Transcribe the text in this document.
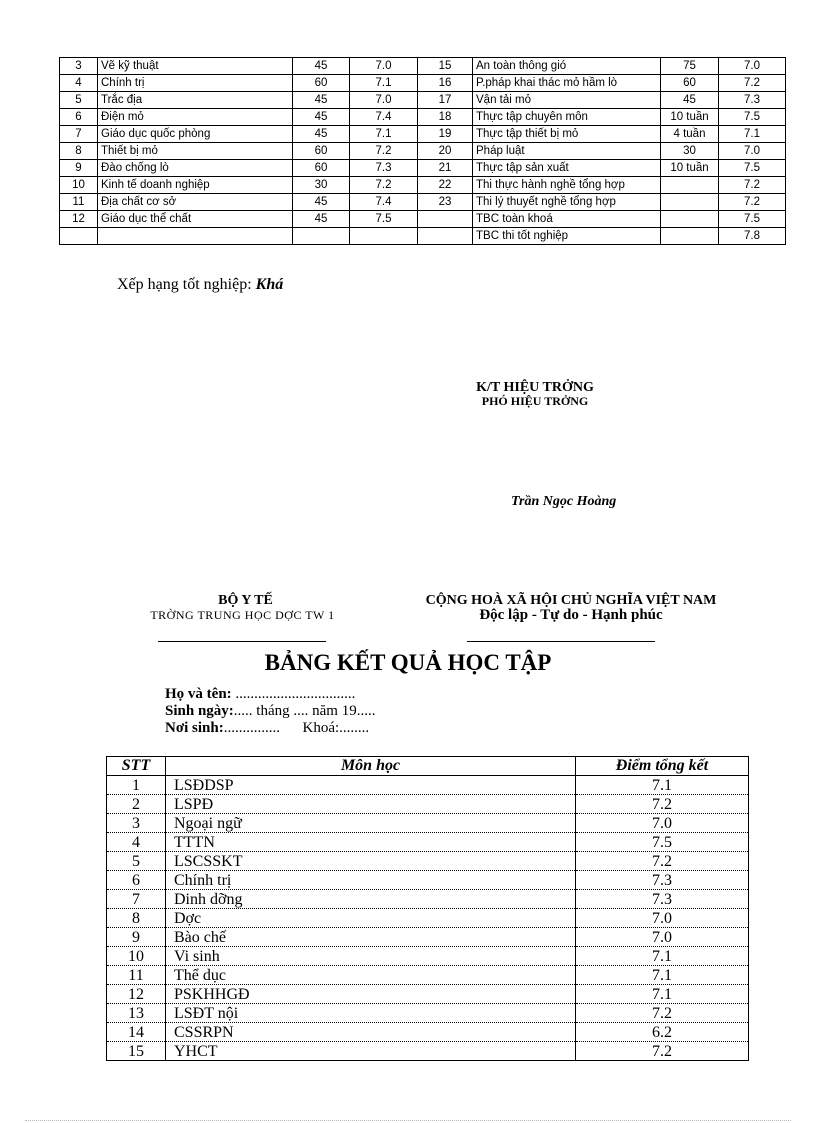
3	Vẽ kỹ thuật	45	7.0	15	An toàn thông gió	75	7.0
4	Chính trị	60	7.1	16	P.pháp khai thác mỏ hầm lò	60	7.2
5	Trắc địa	45	7.0	17	Vận tải mỏ	45	7.3
6	Điện mỏ	45	7.4	18	Thực tập chuyên môn	10 tuần	7.5
7	Giáo dục quốc phòng	45	7.1	19	Thực tập thiết bị mỏ	4 tuần	7.1
8	Thiết bị mỏ	60	7.2	20	Pháp luật	30	7.0
9	Đào chống lò	60	7.3	21	Thực tập sản xuất	10 tuần	7.5
10	Kinh tế doanh nghiệp	30	7.2	22	Thi thực hành nghề tổng hợp		7.2
11	Địa chất cơ sở	45	7.4	23	Thi lý thuyết nghề tổng hợp		7.2
12	Giáo dục thể chất	45	7.5		TBC toàn khoá		7.5
					TBC thi tốt nghiệp		7.8
Xếp hạng tốt nghiệp: Khá
K/T HIỆU TRỞNG
PHÓ HIỆU TRỞNG
Trần Ngọc Hoàng
BỘ Y TẾ
TRỜNG TRUNG HỌC DỢC TW 1
CỘNG HOÀ XÃ HỘI CHỦ NGHĨA VIỆT NAM
Độc lập - Tự do - Hạnh phúc
BẢNG KẾT QUẢ HỌC TẬP
Họ và tên: ................................
Sinh ngày:..... tháng .... năm 19.....
Nơi sinh:............... Khoá:........
STT	Môn học	Điểm tổng kết
1	LSĐDSP	7.1
2	LSPĐ	7.2
3	Ngoại ngữ	7.0
4	TTTN	7.5
5	LSCSSKT	7.2
6	Chính trị	7.3
7	Dinh dỡng	7.3
8	Dợc	7.0
9	Bào chế	7.0
10	Vi sinh	7.1
11	Thể dục	7.1
12	PSKHHGĐ	7.1
13	LSĐT nội	7.2
14	CSSRPN	6.2
15	YHCT	7.2
